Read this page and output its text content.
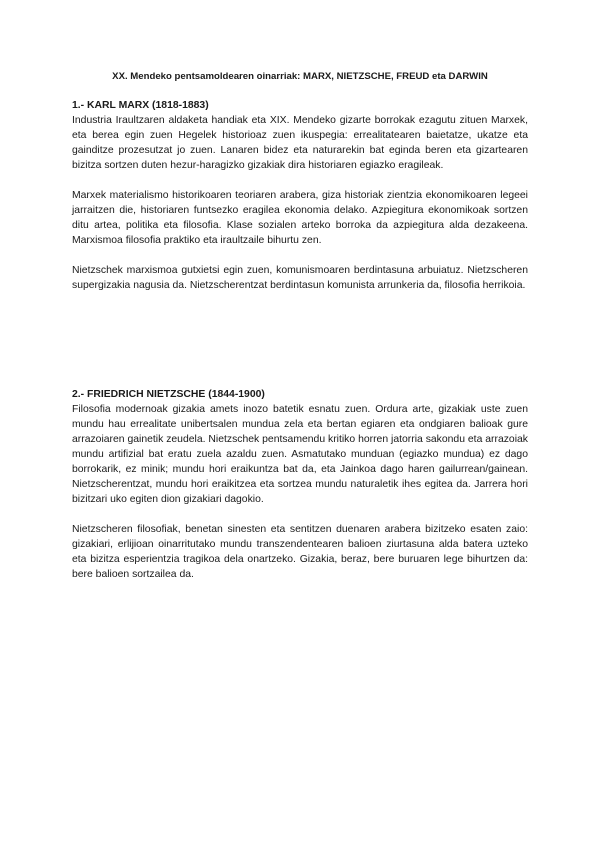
XX. Mendeko pentsamoldearen oinarriak: MARX, NIETZSCHE, FREUD eta DARWIN

1.- KARL MARX (1818-1883)

Industria Iraultzaren aldaketa handiak eta XIX. Mendeko gizarte borrokak ezagutu zituen Marxek, eta berea egin zuen Hegelek historioaz zuen ikuspegia: errealitatearen baietatze, ukatze eta gainditze prozesutzat jo zuen. Lanaren bidez eta naturarekin bat eginda beren eta gizartearen bizitza sortzen duten hezur-haragizko gizakiak dira historiaren egiazko eragileak.

Marxek materialismo historikoaren teoriaren arabera, giza historiak zientzia ekonomikoaren legeei jarraitzen die, historiaren funtsezko eragilea ekonomia delako. Azpiegitura ekonomikoak sortzen ditu artea, politika eta filosofia. Klase sozialen arteko borroka da azpiegitura alda dezakeena. Marxismoa filosofia praktiko eta iraultzaile bihurtu zen.

Nietzschek marxismoa gutxietsi egin zuen, komunismoaren berdintasuna arbuiatuz. Nietzscheren supergizakia nagusia da. Nietzscherentzat berdintasun komunista arrunkeria da, filosofia herrikoia.

2.- FRIEDRICH NIETZSCHE (1844-1900)

Filosofia modernoak gizakia amets inozo batetik esnatu zuen. Ordura arte, gizakiak uste zuen mundu hau errealitate unibertsalen mundua zela eta bertan egiaren eta ondgiaren balioak gure arrazoiaren gainetik zeudela. Nietzschek pentsamendu kritiko horren jatorria sakondu eta arrazoiak mundu artifizial bat eratu zuela azaldu zuen. Asmatutako munduan (egiazko mundua) ez dago borrokarik, ez minik; mundu hori eraikuntza bat da, eta Jainkoa dago haren gailurrean/gainean. Nietzscherentzat, mundu hori eraikitzea eta sortzea mundu naturaletik ihes egitea da. Jarrera hori bizitzari uko egiten dion gizakiari dagokio.

Nietzscheren filosofiak, benetan sinesten eta sentitzen duenaren arabera bizitzeko esaten zaio: gizakiari, erlijioan oinarritutako mundu transzendentearen balioen ziurtasuna alda batera uzteko eta bizitza esperientzia tragikoa dela onartzeko. Gizakia, beraz, bere buruaren lege bihurtzen da: bere balioen sortzailea da.
